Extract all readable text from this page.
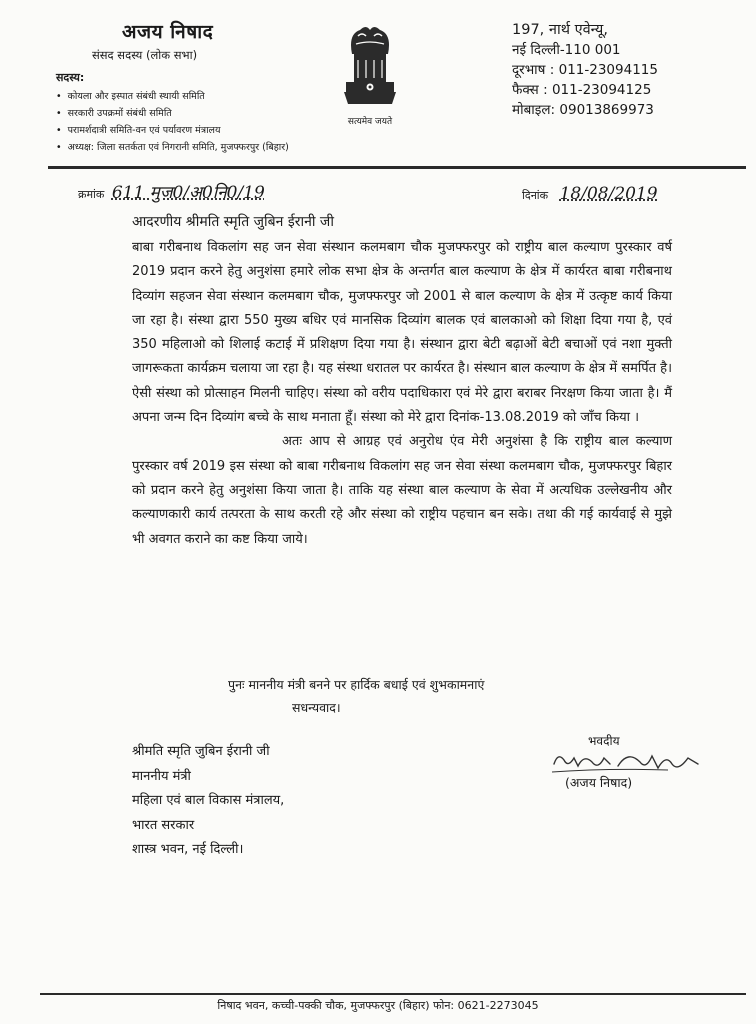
अजय निषाद
संसद सदस्य (लोक सभा)
सदस्य:
• कोयला और इस्पात संबंधी स्थायी समिति
• सरकारी उपक्रमों संबंधी समिति
• परामर्शदात्री समिति-वन एवं पर्यावरण मंत्रालय
• अध्यक्ष: जिला सतर्कता एवं निगरानी समिति, मुजफ्फरपुर (बिहार)
सत्यमेव जयते
197, नार्थ एवेन्यू,
नई दिल्ली-110 001
दूरभाष : 011-23094115
फैक्स : 011-23094125
मोबाइल: 09013869973
क्रमांक 611 मुज0/अ0नि0/19	दिनांक 18/08/2019
आदरणीय श्रीमति स्मृति जुबिन ईरानी जी

बाबा गरीबनाथ विकलांग सह जन सेवा संस्थान कलमबाग चौक मुजफ्फरपुर को राष्ट्रीय बाल कल्याण पुरस्कार वर्ष 2019 प्रदान करने हेतु अनुशंसा हमारे लोक सभा क्षेत्र के अन्तर्गत बाल कल्याण के क्षेत्र में कार्यरत बाबा गरीबनाथ दिव्यांग सहजन सेवा संस्थान कलमबाग चौक, मुजफ्फरपुर जो 2001 से बाल कल्याण के क्षेत्र में उत्कृष्ट कार्य किया जा रहा है। संस्था द्वारा 550 मुख्य बधिर एवं मानसिक दिव्यांग बालक एवं बालकाओ को शिक्षा दिया गया है, एवं 350 महिलाओ को शिलाई कटाई में प्रशिक्षण दिया गया है। संस्थान द्वारा बेटी बढ़ाओं बेटी बचाओं एवं नशा मुक्ती जागरूकता कार्यक्रम चलाया जा रहा है। यह संस्था धरातल पर कार्यरत है। संस्थान बाल कल्याण के क्षेत्र में समर्पित है। ऐसी संस्था को प्रोत्साहन मिलनी चाहिए। संस्था को वरीय पदाधिकारा एवं मेरे द्वारा बराबर निरक्षण किया जाता है। मैं अपना जन्म दिन दिव्यांग बच्चे के साथ मनाता हूँ। संस्था को मेरे द्वारा दिनांक-13.08.2019 को जाँच किया ।

अतः आप से आग्रह एवं अनुरोध एंव मेरी अनुशंसा है कि राष्ट्रीय बाल कल्याण पुरस्कार वर्ष 2019 इस संस्था को बाबा गरीबनाथ विकलांग सह जन सेवा संस्था कलमबाग चौक, मुजफ्फरपुर बिहार को प्रदान करने हेतु अनुशंसा किया जाता है। ताकि यह संस्था बाल कल्याण के सेवा में अत्यधिक उल्लेखनीय और कल्याणकारी कार्य तत्परता के साथ करती रहे और संस्था को राष्ट्रीय पहचान बन सके। तथा की गई कार्यवाई से मुझे भी अवगत कराने का कष्ट किया जाये।

पुनः माननीय मंत्री बनने पर हार्दिक बधाई एवं शुभकामनाएं
सधन्यवाद।
भवदीय
(अजय निषाद)
श्रीमति स्मृति जुबिन ईरानी जी
माननीय मंत्री
महिला एवं बाल विकास मंत्रालय,
भारत सरकार
शास्त्र भवन, नई दिल्ली।
निषाद भवन, कच्ची-पक्की चौक, मुजफ्फरपुर (बिहार) फोन: 0621-2273045
